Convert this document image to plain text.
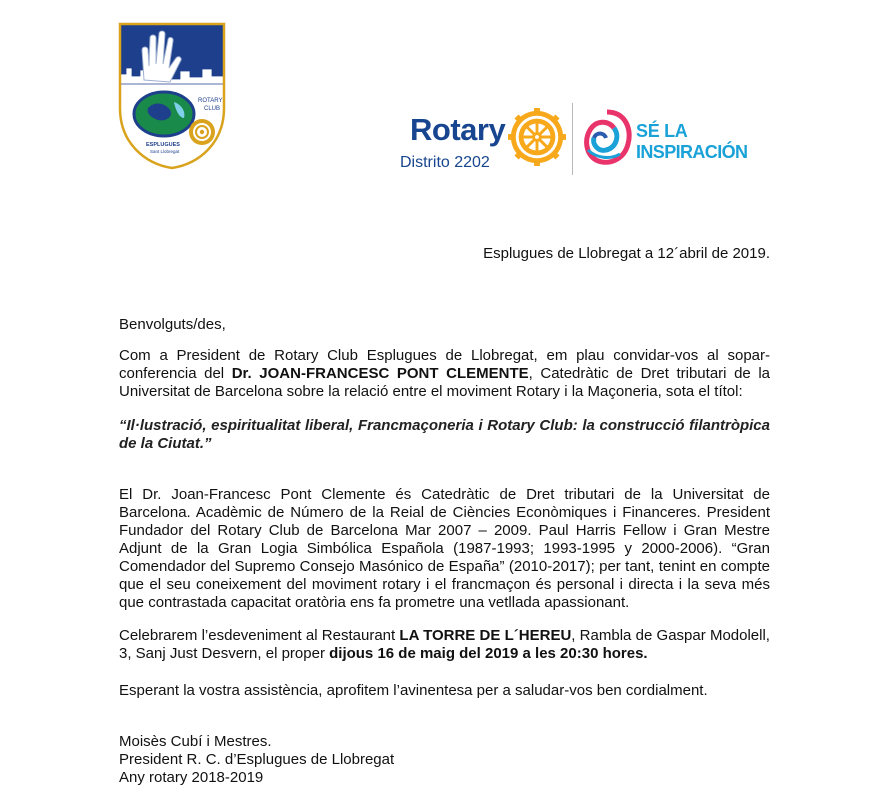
ROTARY
CLUB
ESPLUGUES
Sant Llobregat
Rotary
Distrito 2202
SÉ LA
INSPIRACIÓN
Esplugues de Llobregat a 12´abril de 2019.
Benvolguts/des,
Com a President de Rotary Club Esplugues de Llobregat, em plau convidar-vos al sopar-conferencia del Dr. JOAN-FRANCESC PONT CLEMENTE, Catedràtic de Dret tributari de la Universitat de Barcelona sobre la relació entre el moviment Rotary i la Maçoneria, sota el títol:
“Il·lustració, espiritualitat liberal, Francmaçoneria i Rotary Club: la construcció filantròpica de la Ciutat.”
El Dr. Joan-Francesc Pont Clemente és Catedràtic de Dret tributari de la Universitat de Barcelona. Acadèmic de Número de la Reial de Ciències Econòmiques i Financeres. President Fundador del Rotary Club de Barcelona Mar 2007 – 2009. Paul Harris Fellow i Gran Mestre Adjunt de la Gran Logia Simbólica Española (1987-1993; 1993-1995 y 2000-2006). “Gran Comendador del Supremo Consejo Masónico de España” (2010-2017); per tant, tenint en compte que el seu coneixement del moviment rotary i el francmaçon és personal i directa i la seva més que contrastada capacitat oratòria ens fa prometre una vetllada apassionant.
Celebrarem l’esdeveniment al Restaurant LA TORRE DE L´HEREU, Rambla de Gaspar Modolell, 3, Sanj Just Desvern, el proper dijous 16 de maig del 2019 a les 20:30 hores.
Esperant la vostra assistència, aprofitem l’avinentesa per a saludar-vos ben cordialment.
Moisès Cubí i Mestres.
President R. C. d’Esplugues de Llobregat
Any rotary 2018-2019
